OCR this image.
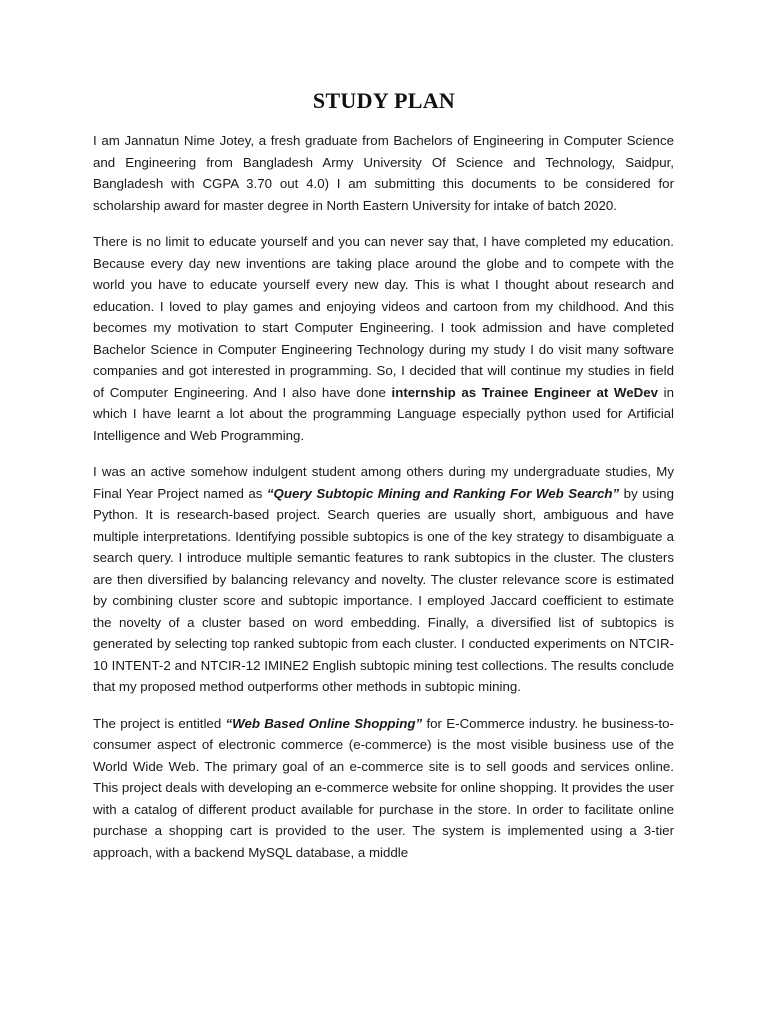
STUDY PLAN

I am Jannatun Nime Jotey, a fresh graduate from Bachelors of Engineering in Computer Science and Engineering from Bangladesh Army University Of Science and Technology, Saidpur, Bangladesh with CGPA 3.70 out 4.0) I am submitting this documents to be considered for scholarship award for master degree in North Eastern University for intake of batch 2020.

There is no limit to educate yourself and you can never say that, I have completed my education. Because every day new inventions are taking place around the globe and to compete with the world you have to educate yourself every new day. This is what I thought about research and education. I loved to play games and enjoying videos and cartoon from my childhood. And this becomes my motivation to start Computer Engineering. I took admission and have completed Bachelor Science in Computer Engineering Technology during my study I do visit many software companies and got interested in programming. So, I decided that will continue my studies in field of Computer Engineering. And I also have done internship as Trainee Engineer at WeDev in which I have learnt a lot about the programming Language especially python used for Artificial Intelligence and Web Programming.

I was an active somehow indulgent student among others during my undergraduate studies, My Final Year Project named as “Query Subtopic Mining and Ranking For Web Search” by using Python. It is research-based project. Search queries are usually short, ambiguous and have multiple interpretations. Identifying possible subtopics is one of the key strategy to disambiguate a search query. I introduce multiple semantic features to rank subtopics in the cluster. The clusters are then diversified by balancing relevancy and novelty. The cluster relevance score is estimated by combining cluster score and subtopic importance. I employed Jaccard coefficient to estimate the novelty of a cluster based on word embedding. Finally, a diversified list of subtopics is generated by selecting top ranked subtopic from each cluster. I conducted experiments on NTCIR-10 INTENT-2 and NTCIR-12 IMINE2 English subtopic mining test collections. The results conclude that my proposed method outperforms other methods in subtopic mining.

The project is entitled “Web Based Online Shopping” for E-Commerce industry. he business-to-consumer aspect of electronic commerce (e-commerce) is the most visible business use of the World Wide Web. The primary goal of an e-commerce site is to sell goods and services online. This project deals with developing an e-commerce website for online shopping. It provides the user with a catalog of different product available for purchase in the store. In order to facilitate online purchase a shopping cart is provided to the user. The system is implemented using a 3-tier approach, with a backend MySQL database, a middle
